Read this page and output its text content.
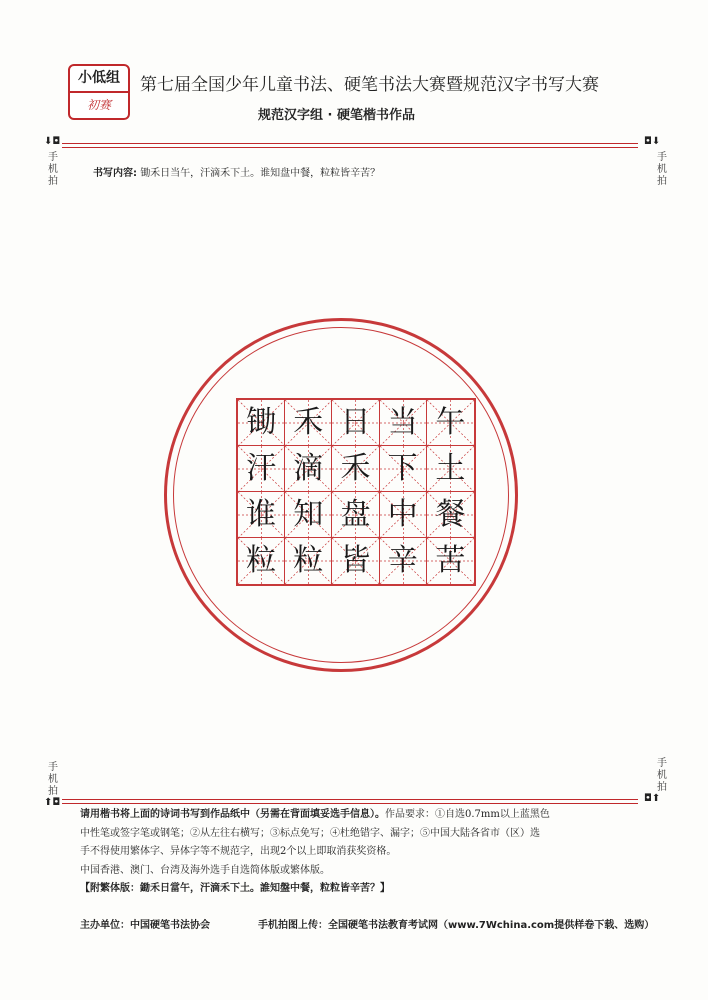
小低组
初赛
第七届全国少年儿童书法、硬笔书法大赛暨规范汉字书写大赛
规范汉字组 · 硬笔楷书作品
⬇◘	◘⬇
手机拍
手机拍
书写内容: 锄禾日当午，汗滴禾下土。谁知盘中餐，粒粒皆辛苦？
锄 禾 日 当 午
汗 滴 禾 下 土
谁 知 盘 中 餐
粒 粒 皆 辛 苦
手机拍
手机拍
⬆◘	◘⬆
请用楷书将上面的诗词书写到作品纸中（另需在背面填妥选手信息）。作品要求：①自选0.7mm以上蓝黑色
中性笔或签字笔或钢笔；②从左往右横写；③标点免写；④杜绝错字、漏字；⑤中国大陆各省市（区）选
手不得使用繁体字、异体字等不规范字，出现2个以上即取消获奖资格。
中国香港、澳门、台湾及海外选手自选简体版或繁体版。
【附繁体版：鋤禾日當午，汗滴禾下土。誰知盤中餐，粒粒皆辛苦？】
主办单位：中国硬笔书法协会	手机拍图上传：全国硬笔书法教育考试网（www.7Wchina.com提供样卷下载、选购）
